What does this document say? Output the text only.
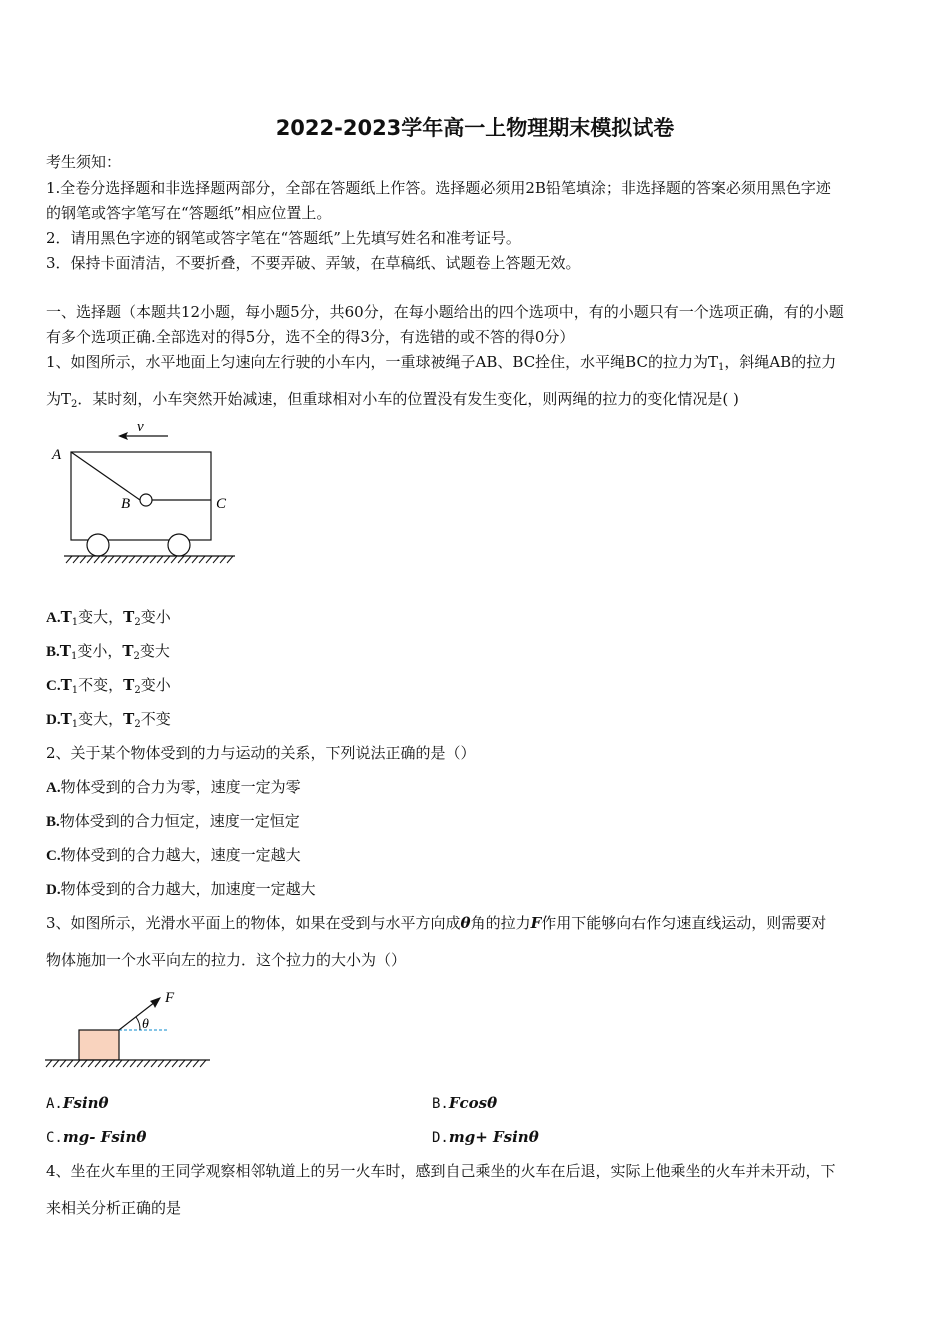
2022-2023学年高一上物理期末模拟试卷
考生须知：
1.全卷分选择题和非选择题两部分，全部在答题纸上作答。选择题必须用2B铅笔填涂；非选择题的答案必须用黑色字迹
的钢笔或答字笔写在“答题纸”相应位置上。
2．请用黑色字迹的钢笔或答字笔在“答题纸”上先填写姓名和准考证号。
3．保持卡面清洁，不要折叠，不要弄破、弄皱，在草稿纸、试题卷上答题无效。
一、选择题（本题共12小题，每小题5分，共60分，在每小题给出的四个选项中，有的小题只有一个选项正确，有的小题
有多个选项正确.全部选对的得5分，选不全的得3分，有选错的或不答的得0分）
1、如图所示，水平地面上匀速向左行驶的小车内，一重球被绳子AB、BC拴住，水平绳BC的拉力为$T_1$，斜绳AB的拉力
为$T_2$．某时刻，小车突然开始减速，但重球相对小车的位置没有发生变化，则两绳的拉力的变化情况是( )
v
A
B	C
$A.T_1$变大，$T_2$变小
$B.T_1$变小，$T_2$变大
$C.T_1$不变，$T_2$变小
$D.T_1$变大，$T_2$不变
2、关于某个物体受到的力与运动的关系，下列说法正确的是（）
A.物体受到的合力为零，速度一定为零
B.物体受到的合力恒定，速度一定恒定
C.物体受到的合力越大，速度一定越大
D.物体受到的合力越大，加速度一定越大
3、如图所示，光滑水平面上的物体，如果在受到与水平方向成θ角的拉力F作用下能够向右作匀速直线运动，则需要对
物体施加一个水平向左的拉力．这个拉力的大小为（）
θ
F
A.Fsinθ	B.Fcosθ
C.mg- Fsinθ	D.mg+ Fsinθ
4、坐在火车里的王同学观察相邻轨道上的另一火车时，感到自己乘坐的火车在后退，实际上他乘坐的火车并未开动，下
来相关分析正确的是
